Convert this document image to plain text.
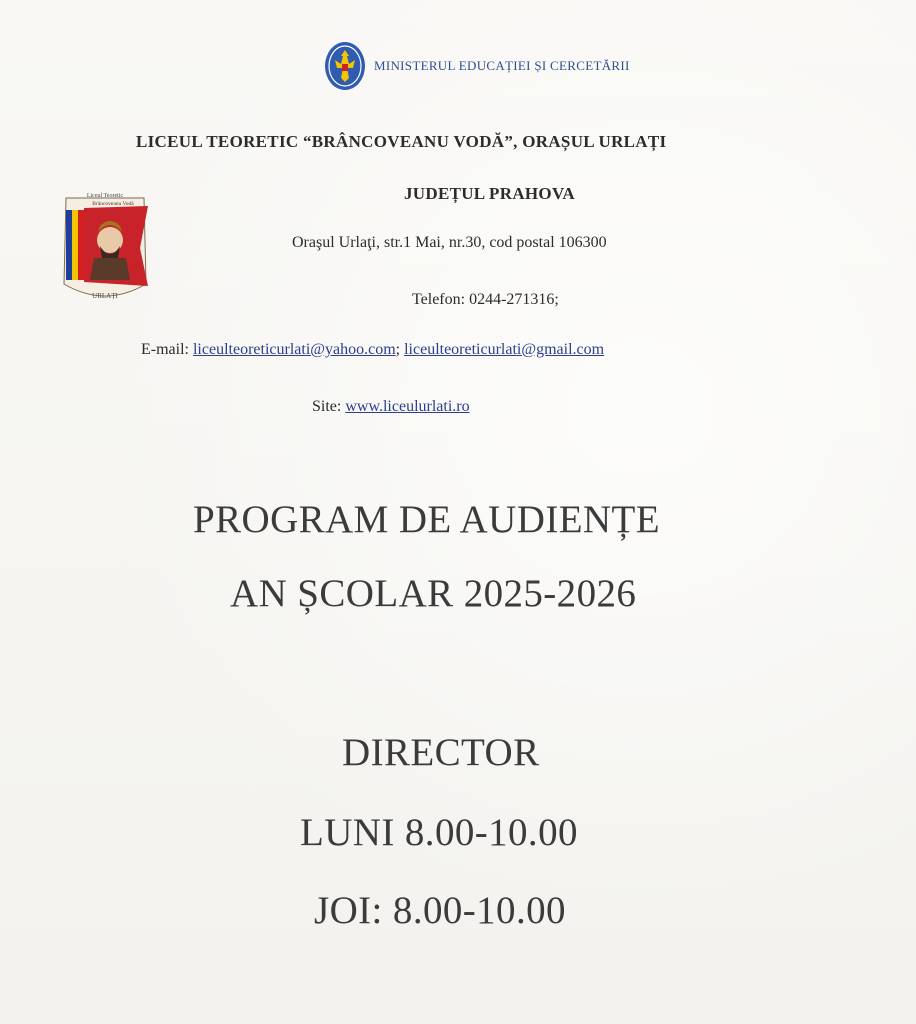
MINISTERUL EDUCAȚIEI ȘI CERCETĂRII
Liceul Teoretic
Brâncoveanu Vodă
URLAȚI
LICEUL TEORETIC “BRÂNCOVEANU VODĂ”, ORAȘUL URLAȚI
JUDEȚUL PRAHOVA
Oraşul Urlaţi, str.1 Mai, nr.30, cod postal 106300
Telefon: 0244-271316;
E-mail: liceulteoreticurlati@yahoo.com; liceulteoreticurlati@gmail.com
Site: www.liceulurlati.ro
PROGRAM DE AUDIENȚE
AN ȘCOLAR 2025-2026
DIRECTOR
LUNI 8.00-10.00
JOI: 8.00-10.00
